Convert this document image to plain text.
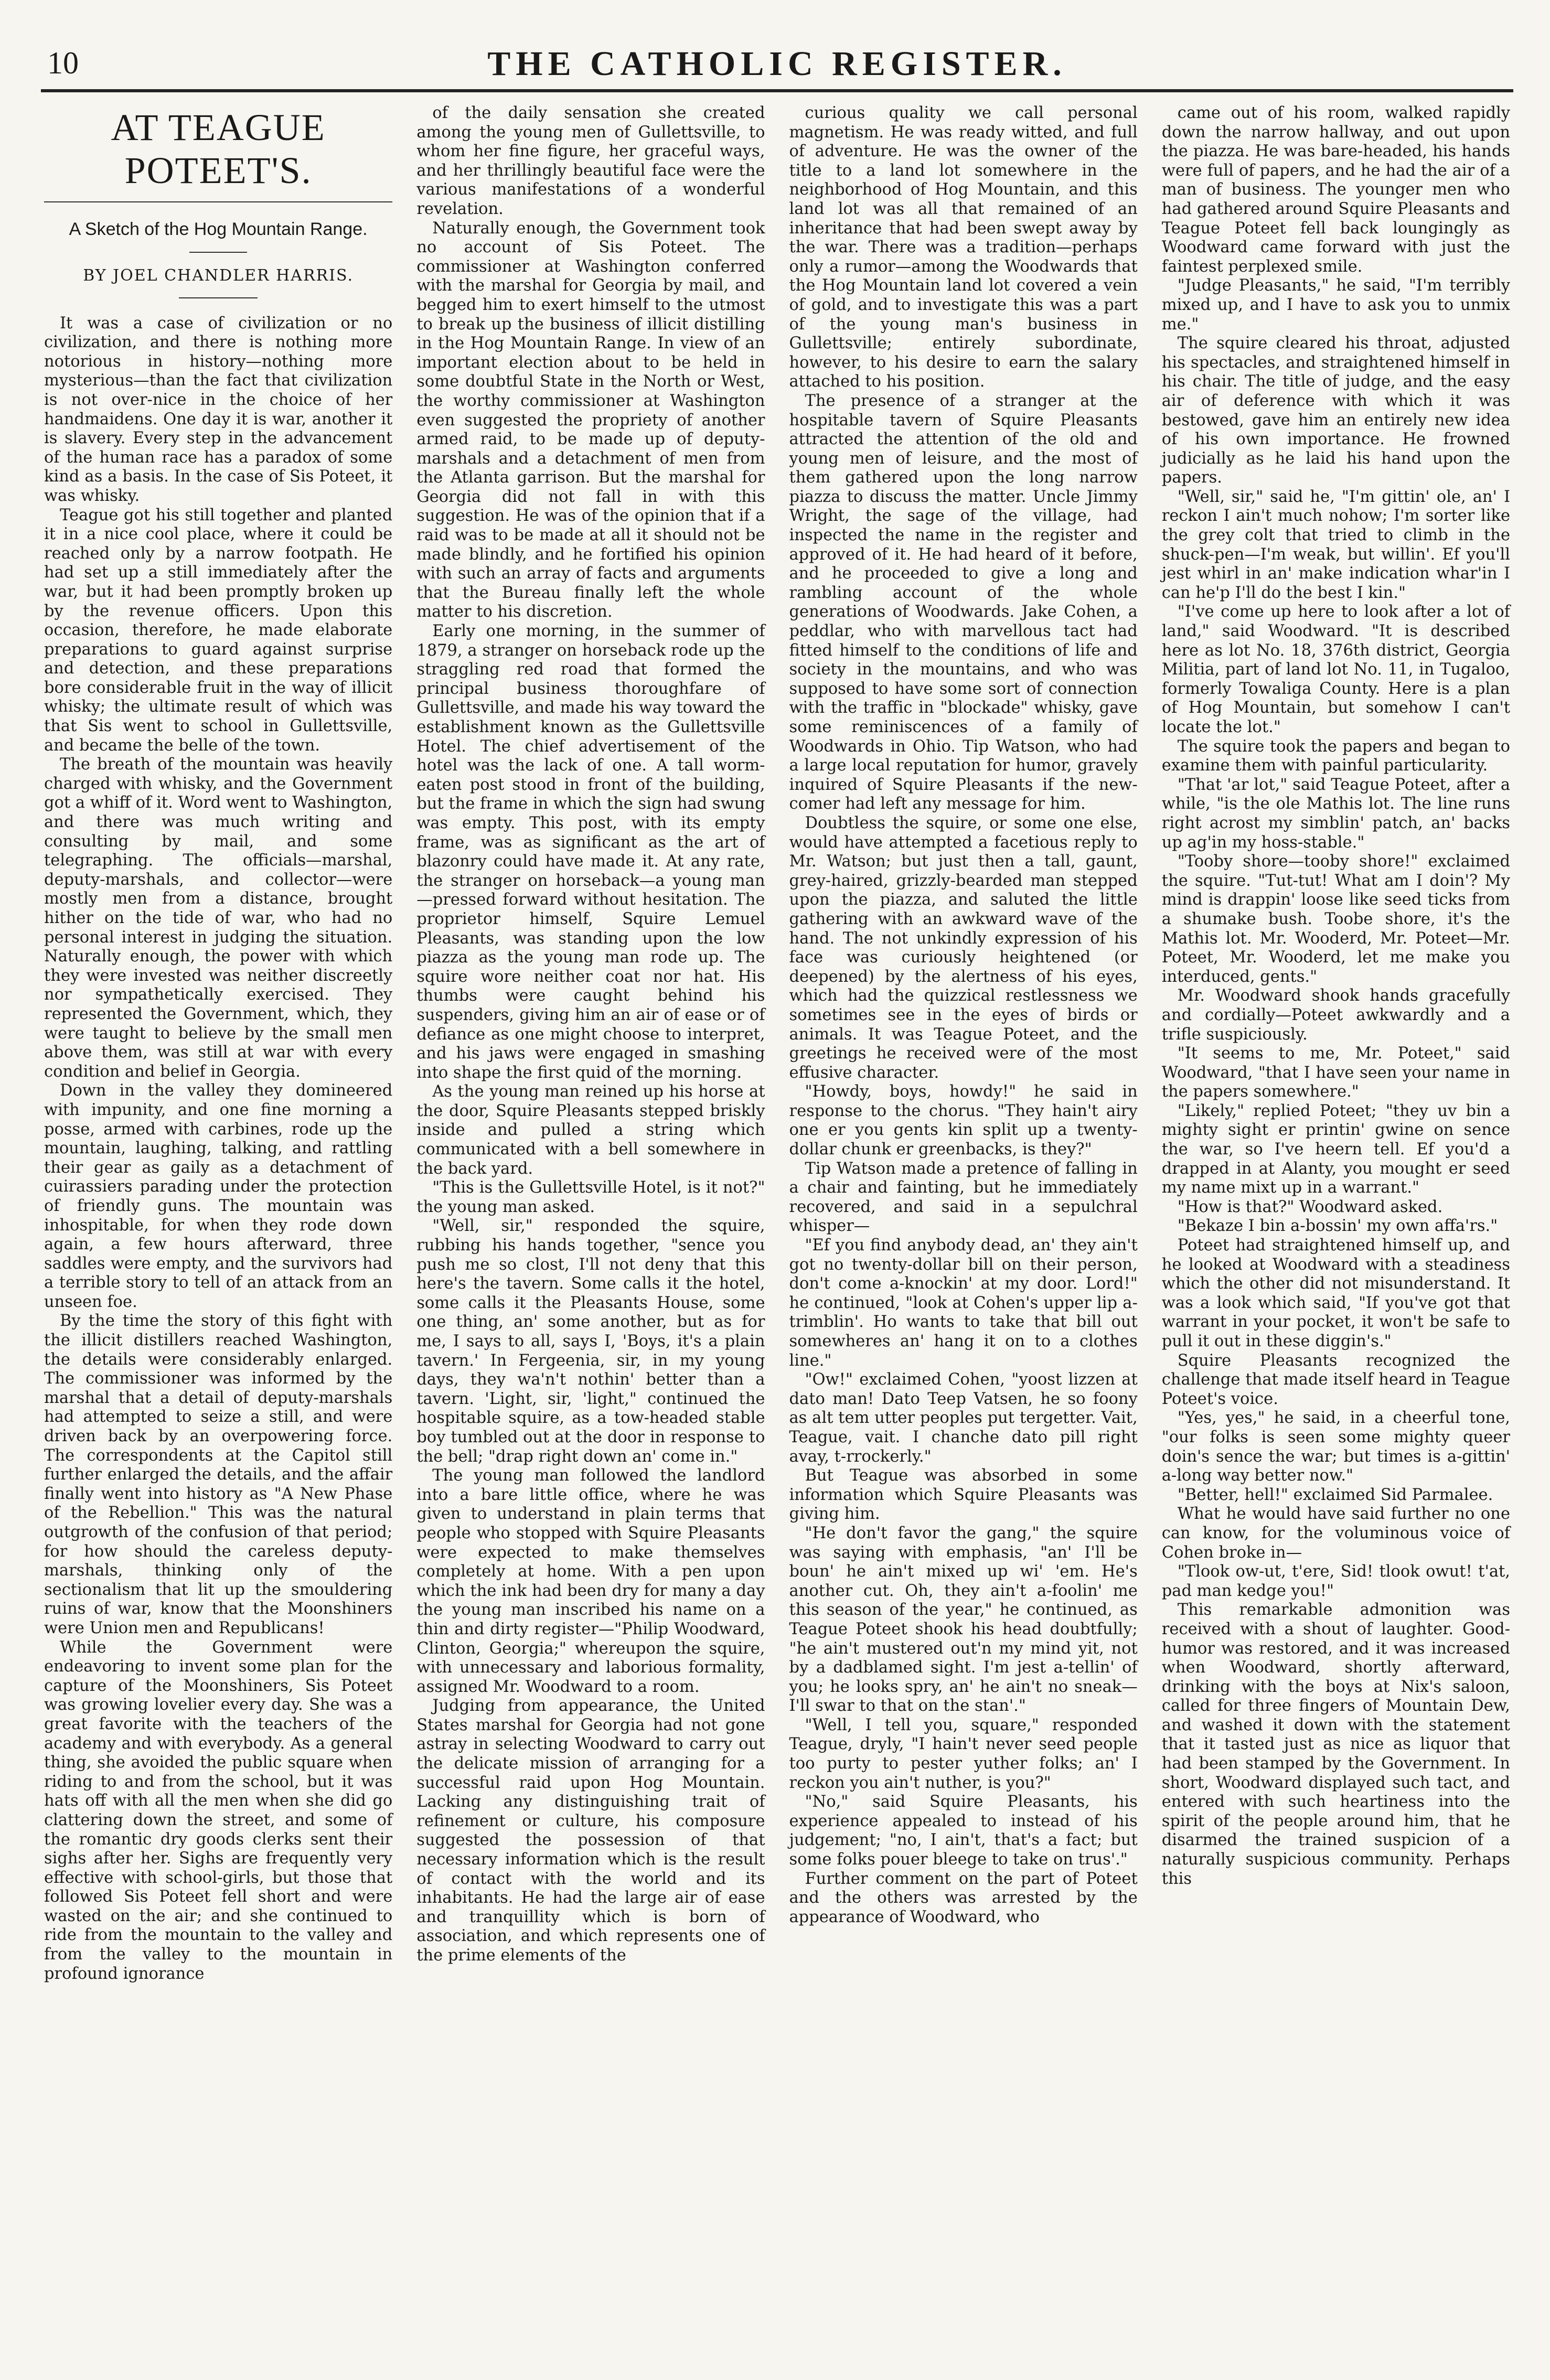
10	THE CATHOLIC REGISTER.
AT TEAGUE POTEET'S.
A Sketch of the Hog Mountain Range.
BY JOEL CHANDLER HARRIS.

It was a case of civilization or no civilization, and there is nothing more notorious in history—nothing more mysterious—than the fact that civilization is not over-nice in the choice of her handmaidens. One day it is war, another it is slavery. Every step in the advancement of the human race has a paradox of some kind as a basis. In the case of Sis Poteet, it was whisky.

Teague got his still together and planted it in a nice cool place, where it could be reached only by a narrow footpath. He had set up a still immediately after the war, but it had been promptly broken up by the revenue officers. Upon this occasion, therefore, he made elaborate preparations to guard against surprise and detection, and these preparations bore considerable fruit in the way of illicit whisky; the ultimate result of which was that Sis went to school in Gullettsville, and became the belle of the town.

The breath of the mountain was heavily charged with whisky, and the Government got a whiff of it. Word went to Washington, and there was much writing and consulting by mail, and some telegraphing. The officials—marshal, deputy-marshals, and collector—were mostly men from a distance, brought hither on the tide of war, who had no personal interest in judging the situation. Naturally enough, the power with which they were invested was neither discreetly nor sympathetically exercised. They represented the Government, which, they were taught to believe by the small men above them, was still at war with every condition and belief in Georgia.

Down in the valley they domineered with impunity, and one fine morning a posse, armed with carbines, rode up the mountain, laughing, talking, and rattling their gear as gaily as a detachment of cuirassiers parading under the protection of friendly guns. The mountain was inhospitable, for when they rode down again, a few hours afterward, three saddles were empty, and the survivors had a terrible story to tell of an attack from an unseen foe.

By the time the story of this fight with the illicit distillers reached Washington, the details were considerably enlarged. The commissioner was informed by the marshal that a detail of deputy-marshals had attempted to seize a still, and were driven back by an overpowering force. The correspondents at the Capitol still further enlarged the details, and the affair finally went into history as "A New Phase of the Rebellion." This was the natural outgrowth of the confusion of that period; for how should the careless deputy-marshals, thinking only of the sectionalism that lit up the smouldering ruins of war, know that the Moonshiners were Union men and Republicans!

While the Government were endeavoring to invent some plan for the capture of the Moonshiners, Sis Poteet was growing lovelier every day. She was a great favorite with the teachers of the academy and with everybody. As a general thing, she avoided the public square when riding to and from the school, but it was hats off with all the men when she did go clattering down the street, and some of the romantic dry goods clerks sent their sighs after her. Sighs are frequently very effective with school-girls, but those that followed Sis Poteet fell short and were wasted on the air; and she continued to ride from the mountain to the valley and from the valley to the mountain in profound ignorance

of the daily sensation she created among the young men of Gullettsville, to whom her fine figure, her graceful ways, and her thrillingly beautiful face were the various manifestations of a wonderful revelation.

Naturally enough, the Government took no account of Sis Poteet. The commissioner at Washington conferred with the marshal for Georgia by mail, and begged him to exert himself to the utmost to break up the business of illicit distilling in the Hog Mountain Range. In view of an important election about to be held in some doubtful State in the North or West, the worthy commissioner at Washington even suggested the propriety of another armed raid, to be made up of deputy-marshals and a detachment of men from the Atlanta garrison. But the marshal for Georgia did not fall in with this suggestion. He was of the opinion that if a raid was to be made at all it should not be made blindly, and he fortified his opinion with such an array of facts and arguments that the Bureau finally left the whole matter to his discretion.

Early one morning, in the summer of 1879, a stranger on horseback rode up the straggling red road that formed the principal business thoroughfare of Gullettsville, and made his way toward the establishment known as the Gullettsville Hotel. The chief advertisement of the hotel was the lack of one. A tall worm-eaten post stood in front of the building, but the frame in which the sign had swung was empty. This post, with its empty frame, was as significant as the art of blazonry could have made it. At any rate, the stranger on horseback—a young man—pressed forward without hesitation. The proprietor himself, Squire Lemuel Pleasants, was standing upon the low piazza as the young man rode up. The squire wore neither coat nor hat. His thumbs were caught behind his suspenders, giving him an air of ease or of defiance as one might choose to interpret, and his jaws were engaged in smashing into shape the first quid of the morning.

As the young man reined up his horse at the door, Squire Pleasants stepped briskly inside and pulled a string which communicated with a bell somewhere in the back yard.

"This is the Gullettsville Hotel, is it not?" the young man asked.

"Well, sir," responded the squire, rubbing his hands together, "sence you push me so clost, I'll not deny that this here's the tavern. Some calls it the hotel, some calls it the Pleasants House, some one thing, an' some another, but as for me, I says to all, says I, 'Boys, it's a plain tavern.' In Fergeenia, sir, in my young days, they wa'n't nothin' better than a tavern. 'Light, sir, 'light," continued the hospitable squire, as a tow-headed stable boy tumbled out at the door in response to the bell; "drap right down an' come in."

The young man followed the landlord into a bare little office, where he was given to understand in plain terms that people who stopped with Squire Pleasants were expected to make themselves completely at home. With a pen upon which the ink had been dry for many a day the young man inscribed his name on a thin and dirty register—"Philip Woodward, Clinton, Georgia;" whereupon the squire, with unnecessary and laborious formality, assigned Mr. Woodward to a room.

Judging from appearance, the United States marshal for Georgia had not gone astray in selecting Woodward to carry out the delicate mission of arranging for a successful raid upon Hog Mountain. Lacking any distinguishing trait of refinement or culture, his composure suggested the possession of that necessary information which is the result of contact with the world and its inhabitants. He had the large air of ease and tranquillity which is born of association, and which represents one of the prime elements of the

curious quality we call personal magnetism. He was ready witted, and full of adventure. He was the owner of the title to a land lot somewhere in the neighborhood of Hog Mountain, and this land lot was all that remained of an inheritance that had been swept away by the war. There was a tradition—perhaps only a rumor—among the Woodwards that the Hog Mountain land lot covered a vein of gold, and to investigate this was a part of the young man's business in Gullettsville; entirely subordinate, however, to his desire to earn the salary attached to his position.

The presence of a stranger at the hospitable tavern of Squire Pleasants attracted the attention of the old and young men of leisure, and the most of them gathered upon the long narrow piazza to discuss the matter. Uncle Jimmy Wright, the sage of the village, had inspected the name in the register and approved of it. He had heard of it before, and he proceeded to give a long and rambling account of the whole generations of Woodwards. Jake Cohen, a peddlar, who with marvellous tact had fitted himself to the conditions of life and society in the mountains, and who was supposed to have some sort of connection with the traffic in "blockade" whisky, gave some reminiscences of a family of Woodwards in Ohio. Tip Watson, who had a large local reputation for humor, gravely inquired of Squire Pleasants if the new-comer had left any message for him.

Doubtless the squire, or some one else, would have attempted a facetious reply to Mr. Watson; but just then a tall, gaunt, grey-haired, grizzly-bearded man stepped upon the piazza, and saluted the little gathering with an awkward wave of the hand. The not unkindly expression of his face was curiously heightened (or deepened) by the alertness of his eyes, which had the quizzical restlessness we sometimes see in the eyes of birds or animals. It was Teague Poteet, and the greetings he received were of the most effusive character.

"Howdy, boys, howdy!" he said in response to the chorus. "They hain't airy one er you gents kin split up a twenty-dollar chunk er greenbacks, is they?"

Tip Watson made a pretence of falling in a chair and fainting, but he immediately recovered, and said in a sepulchral whisper—

"Ef you find anybody dead, an' they ain't got no twenty-dollar bill on their person, don't come a-knockin' at my door. Lord!" he continued, "look at Cohen's upper lip a-trimblin'. Ho wants to take that bill out somewheres an' hang it on to a clothes line."

"Ow!" exclaimed Cohen, "yoost lizzen at dato man! Dato Teep Vatsen, he so foony as alt tem utter peoples put tergetter. Vait, Teague, vait. I chanche dato pill right avay, t-rrockerly."

But Teague was absorbed in some information which Squire Pleasants was giving him.

"He don't favor the gang," the squire was saying with emphasis, "an' I'll be boun' he ain't mixed up wi' 'em. He's another cut. Oh, they ain't a-foolin' me this season of the year," he continued, as Teague Poteet shook his head doubtfully; "he ain't mustered out'n my mind yit, not by a dadblamed sight. I'm jest a-tellin' of you; he looks spry, an' he ain't no sneak—I'll swar to that on the stan'."

"Well, I tell you, square," responded Teague, dryly, "I hain't never seed people too purty to pester yuther folks; an' I reckon you ain't nuther, is you?"

"No," said Squire Pleasants, his experience appealed to instead of his judgement; "no, I ain't, that's a fact; but some folks pouer bleege to take on trus'."

Further comment on the part of Poteet and the others was arrested by the appearance of Woodward, who

came out of his room, walked rapidly down the narrow hallway, and out upon the piazza. He was bare-headed, his hands were full of papers, and he had the air of a man of business. The younger men who had gathered around Squire Pleasants and Teague Poteet fell back loungingly as Woodward came forward with just the faintest perplexed smile.

"Judge Pleasants," he said, "I'm terribly mixed up, and I have to ask you to unmix me."

The squire cleared his throat, adjusted his spectacles, and straightened himself in his chair. The title of judge, and the easy air of deference with which it was bestowed, gave him an entirely new idea of his own importance. He frowned judicially as he laid his hand upon the papers.

"Well, sir," said he, "I'm gittin' ole, an' I reckon I ain't much nohow; I'm sorter like the grey colt that tried to climb in the shuck-pen—I'm weak, but willin'. Ef you'll jest whirl in an' make indication whar'in I can he'p I'll do the best I kin."

"I've come up here to look after a lot of land," said Woodward. "It is described here as lot No. 18, 376th district, Georgia Militia, part of land lot No. 11, in Tugaloo, formerly Towaliga County. Here is a plan of Hog Mountain, but somehow I can't locate the lot."

The squire took the papers and began to examine them with painful particularity.

"That 'ar lot," said Teague Poteet, after a while, "is the ole Mathis lot. The line runs right acrost my simblin' patch, an' backs up ag'in my hoss-stable."

"Tooby shore—tooby shore!" exclaimed the squire. "Tut-tut! What am I doin'? My mind is drappin' loose like seed ticks from a shumake bush. Toobe shore, it's the Mathis lot. Mr. Wooderd, Mr. Poteet—Mr. Poteet, Mr. Wooderd, let me make you interduced, gents."

Mr. Woodward shook hands gracefully and cordially—Poteet awkwardly and a trifle suspiciously.

"It seems to me, Mr. Poteet," said Woodward, "that I have seen your name in the papers somewhere."

"Likely," replied Poteet; "they uv bin a mighty sight er printin' gwine on sence the war, so I've heern tell. Ef you'd a drapped in at Alanty, you mought er seed my name mixt up in a warrant."

"How is that?" Woodward asked.

"Bekaze I bin a-bossin' my own affa'rs."

Poteet had straightened himself up, and he looked at Woodward with a steadiness which the other did not misunderstand. It was a look which said, "If you've got that warrant in your pocket, it won't be safe to pull it out in these diggin's."

Squire Pleasants recognized the challenge that made itself heard in Teague Poteet's voice.

"Yes, yes," he said, in a cheerful tone, "our folks is seen some mighty queer doin's sence the war; but times is a-gittin' a-long way better now."

"Better, hell!" exclaimed Sid Parmalee.

What he would have said further no one can know, for the voluminous voice of Cohen broke in—

"Tlook ow-ut, t'ere, Sid! tlook owut! t'at, pad man kedge you!"

This remarkable admonition was received with a shout of laughter. Good-humor was restored, and it was increased when Woodward, shortly afterward, drinking with the boys at Nix's saloon, called for three fingers of Mountain Dew, and washed it down with the statement that it tasted just as nice as liquor that had been stamped by the Government. In short, Woodward displayed such tact, and entered with such heartiness into the spirit of the people around him, that he disarmed the trained suspicion of a naturally suspicious community. Perhaps this
